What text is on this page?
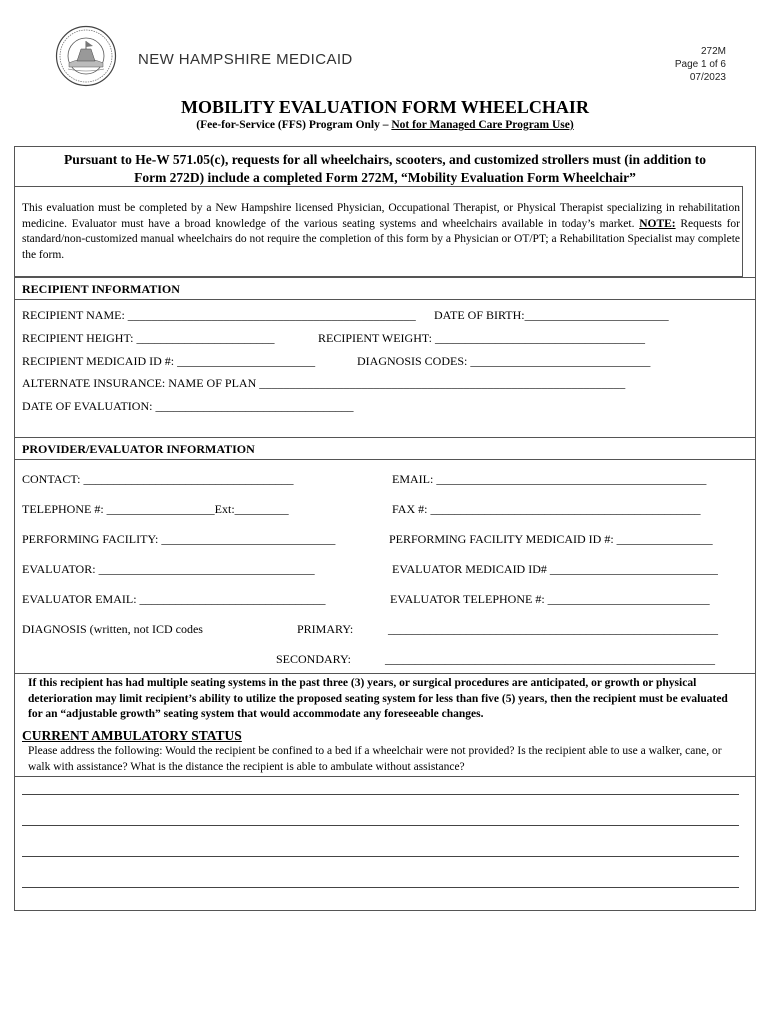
NEW HAMPSHIRE MEDICAID	272M
Page 1 of 6
07/2023
MOBILITY EVALUATION FORM WHEELCHAIR
(Fee-for-Service (FFS) Program Only – Not for Managed Care Program Use)
Pursuant to He-W 571.05(c), requests for all wheelchairs, scooters, and customized strollers must (in addition to
Form 272D) include a completed Form 272M, “Mobility Evaluation Form Wheelchair”
This evaluation must be completed by a New Hampshire licensed Physician, Occupational Therapist, or Physical Therapist specializing in rehabilitation medicine. Evaluator must have a broad knowledge of the various seating systems and wheelchairs available in today’s market. NOTE: Requests for standard/non-customized manual wheelchairs do not require the completion of this form by a Physician or OT/PT; a Rehabilitation Specialist may complete the form.
RECIPIENT INFORMATION
RECIPIENT NAME: ________________________________________________ DATE OF BIRTH:________________________
RECIPIENT HEIGHT: _______________________	RECIPIENT WEIGHT: ___________________________________
RECIPIENT MEDICAID ID #: _______________________	DIAGNOSIS CODES: ______________________________
ALTERNATE INSURANCE: NAME OF PLAN _____________________________________________________________
DATE OF EVALUATION: _________________________________
PROVIDER/EVALUATOR INFORMATION
CONTACT: ___________________________________	EMAIL: _____________________________________________
TELEPHONE #: __________________Ext:_________	FAX #: _____________________________________________
PERFORMING FACILITY: _____________________________	PERFORMING FACILITY MEDICAID ID #: ________________
EVALUATOR: ____________________________________	EVALUATOR MEDICAID ID# ____________________________
EVALUATOR EMAIL: _______________________________	EVALUATOR TELEPHONE #: ___________________________
DIAGNOSIS (written, not ICD codes	PRIMARY:	_______________________________________________________
SECONDARY:	_______________________________________________________
If this recipient has had multiple seating systems in the past three (3) years, or surgical procedures are anticipated, or growth or physical deterioration may limit recipient’s ability to utilize the proposed seating system for less than five (5) years, then the recipient must be evaluated for an “adjustable growth” seating system that would accommodate any foreseeable changes.
CURRENT AMBULATORY STATUS
Please address the following: Would the recipient be confined to a bed if a wheelchair were not provided? Is the recipient able to use a walker, cane, or walk with assistance? What is the distance the recipient is able to ambulate without assistance?
